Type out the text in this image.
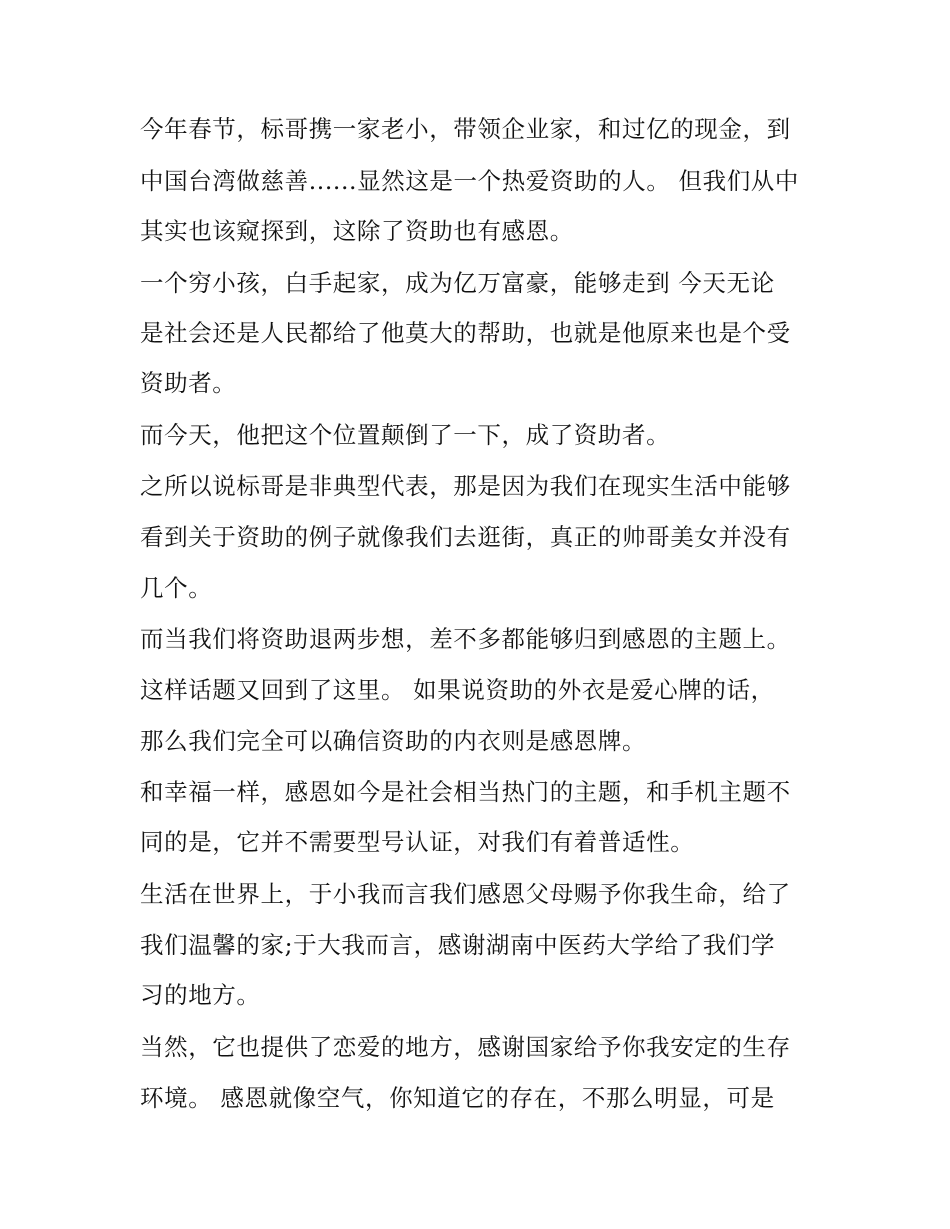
今年春节，标哥携一家老小，带领企业家，和过亿的现金，到
中国台湾做慈善......显然这是一个热爱资助的人。 但我们从中
其实也该窥探到，这除了资助也有感恩。
一个穷小孩，白手起家，成为亿万富豪，能够走到 今天无论
是社会还是人民都给了他莫大的帮助，也就是他原来也是个受
资助者。
而今天，他把这个位置颠倒了一下，成了资助者。
之所以说标哥是非典型代表，那是因为我们在现实生活中能够
看到关于资助的例子就像我们去逛街，真正的帅哥美女并没有
几个。
而当我们将资助退两步想，差不多都能够归到感恩的主题上。
这样话题又回到了这里。 如果说资助的外衣是爱心牌的话，
那么我们完全可以确信资助的内衣则是感恩牌。
和幸福一样，感恩如今是社会相当热门的主题，和手机主题不
同的是，它并不需要型号认证，对我们有着普适性。
生活在世界上，于小我而言我们感恩父母赐予你我生命，给了
我们温馨的家;于大我而言，感谢湖南中医药大学给了我们学
习的地方。
当然，它也提供了恋爱的地方，感谢国家给予你我安定的生存
环境。 感恩就像空气，你知道它的存在，不那么明显，可是
